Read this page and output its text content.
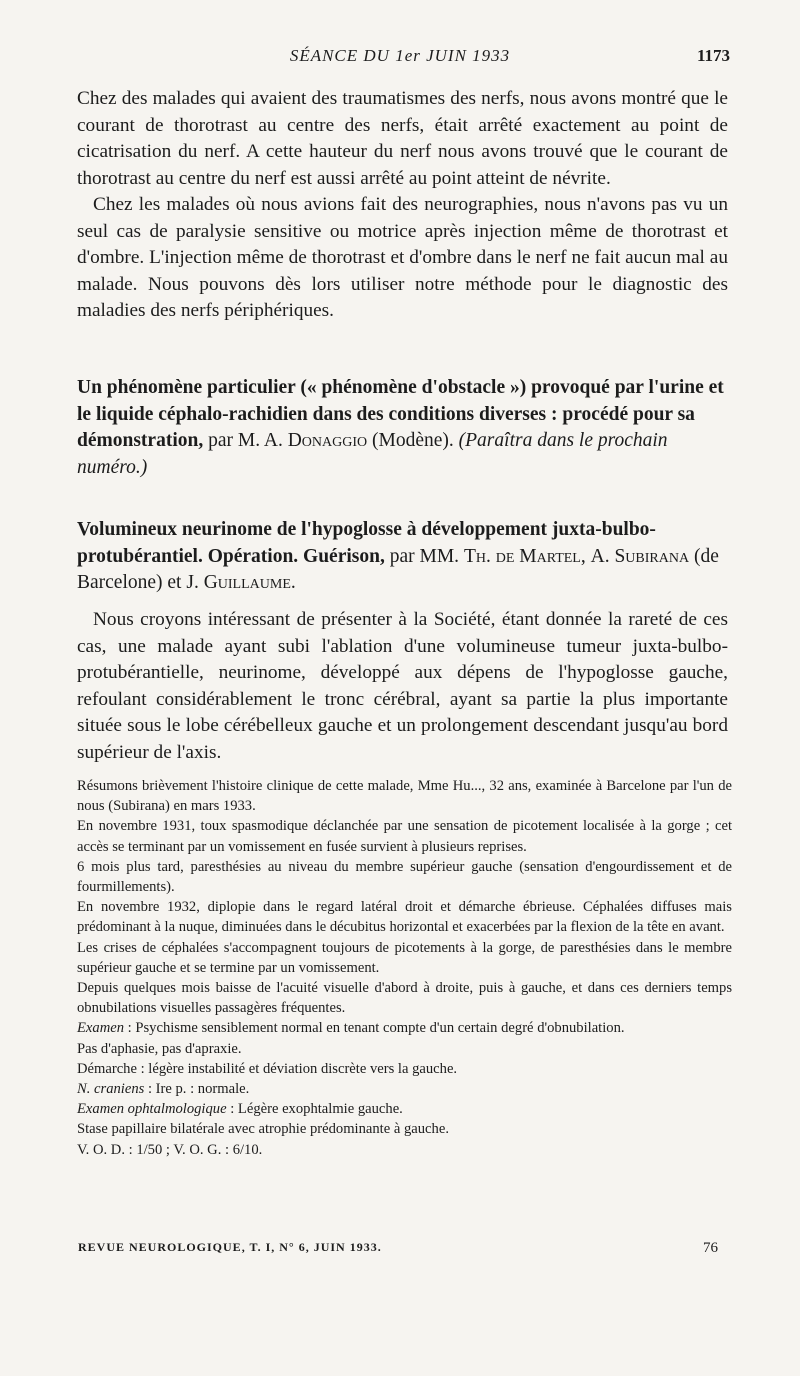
SÉANCE DU 1er JUIN 1933	1173

Chez des malades qui avaient des traumatismes des nerfs, nous avons montré que le courant de thorotrast au centre des nerfs, était arrêté exactement au point de cicatrisation du nerf. A cette hauteur du nerf nous avons trouvé que le courant de thorotrast au centre du nerf est aussi arrêté au point atteint de névrite.

Chez les malades où nous avions fait des neurographies, nous n'avons pas vu un seul cas de paralysie sensitive ou motrice après injection même de thorotrast et d'ombre. L'injection même de thorotrast et d'ombre dans le nerf ne fait aucun mal au malade. Nous pouvons dès lors utiliser notre méthode pour le diagnostic des maladies des nerfs périphériques.

Un phénomène particulier (« phénomène d'obstacle ») provoqué par l'urine et le liquide céphalo-rachidien dans des conditions diverses : procédé pour sa démonstration, par M. A. Donaggio (Modène). (Paraîtra dans le prochain numéro.)
Volumineux neurinome de l'hypoglosse à développement juxta-bulbo-protubérantiel. Opération. Guérison, par MM. Th. de Martel, A. Subirana (de Barcelone) et J. Guillaume.

Nous croyons intéressant de présenter à la Société, étant donnée la rareté de ces cas, une malade ayant subi l'ablation d'une volumineuse tumeur juxta-bulbo-protubérantielle, neurinome, développé aux dépens de l'hypoglosse gauche, refoulant considérablement le tronc cérébral, ayant sa partie la plus importante située sous le lobe cérébelleux gauche et un prolongement descendant jusqu'au bord supérieur de l'axis.

Résumons brièvement l'histoire clinique de cette malade, Mme Hu..., 32 ans, examinée à Barcelone par l'un de nous (Subirana) en mars 1933.

En novembre 1931, toux spasmodique déclanchée par une sensation de picotement localisée à la gorge ; cet accès se terminant par un vomissement en fusée survient à plusieurs reprises.

6 mois plus tard, paresthésies au niveau du membre supérieur gauche (sensation d'engourdissement et de fourmillements).

En novembre 1932, diplopie dans le regard latéral droit et démarche ébrieuse. Céphalées diffuses mais prédominant à la nuque, diminuées dans le décubitus horizontal et exacerbées par la flexion de la tête en avant.

Les crises de céphalées s'accompagnent toujours de picotements à la gorge, de paresthésies dans le membre supérieur gauche et se termine par un vomissement.

Depuis quelques mois baisse de l'acuité visuelle d'abord à droite, puis à gauche, et dans ces derniers temps obnubilations visuelles passagères fréquentes.

Examen : Psychisme sensiblement normal en tenant compte d'un certain degré d'obnubilation.

Pas d'aphasie, pas d'apraxie.

Démarche : légère instabilité et déviation discrète vers la gauche.

N. craniens : Ire p. : normale.

Examen ophtalmologique : Légère exophtalmie gauche.

Stase papillaire bilatérale avec atrophie prédominante à gauche.

V. O. D. : 1/50 ; V. O. G. : 6/10.

REVUE NEUROLOGIQUE, T. I, N° 6, JUIN 1933.	76
